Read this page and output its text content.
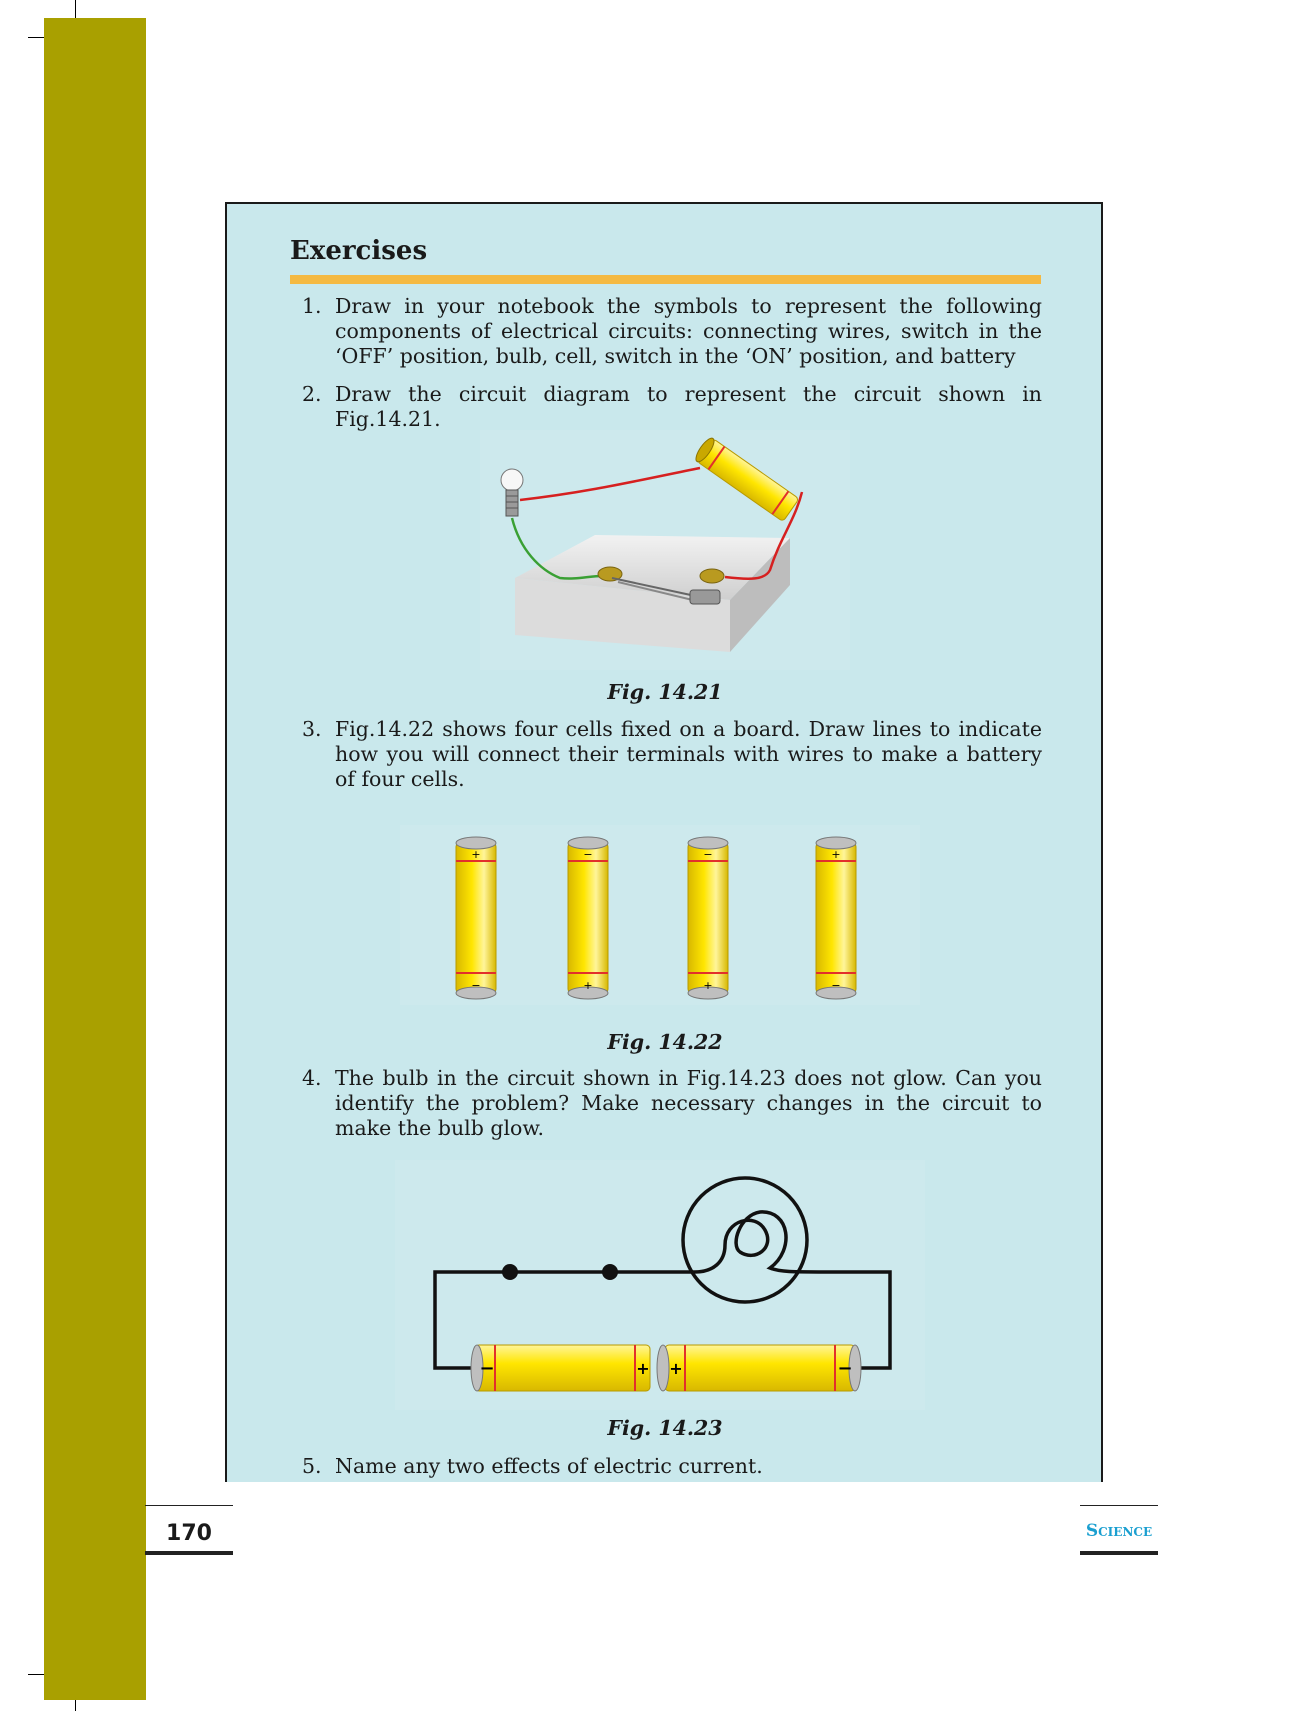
Exercises

1. Draw in your notebook the symbols to represent the following components of electrical circuits: connecting wires, switch in the ‘OFF’ position, bulb, cell, switch in the ‘ON’ position, and battery

2. Draw the circuit diagram to represent the circuit shown in Fig.14.21.

Fig. 14.21

3. Fig.14.22 shows four cells fixed on a board. Draw lines to indicate how you will connect their terminals with wires to make a battery of four cells.

+
−
−
+
−
+
+
−
Fig. 14.22

4. The bulb in the circuit shown in Fig.14.23 does not glow. Can you identify the problem? Make necessary changes in the circuit to make the bulb glow.

−	+ +	−
Fig. 14.23

5. Name any two effects of electric current.

170	Science
